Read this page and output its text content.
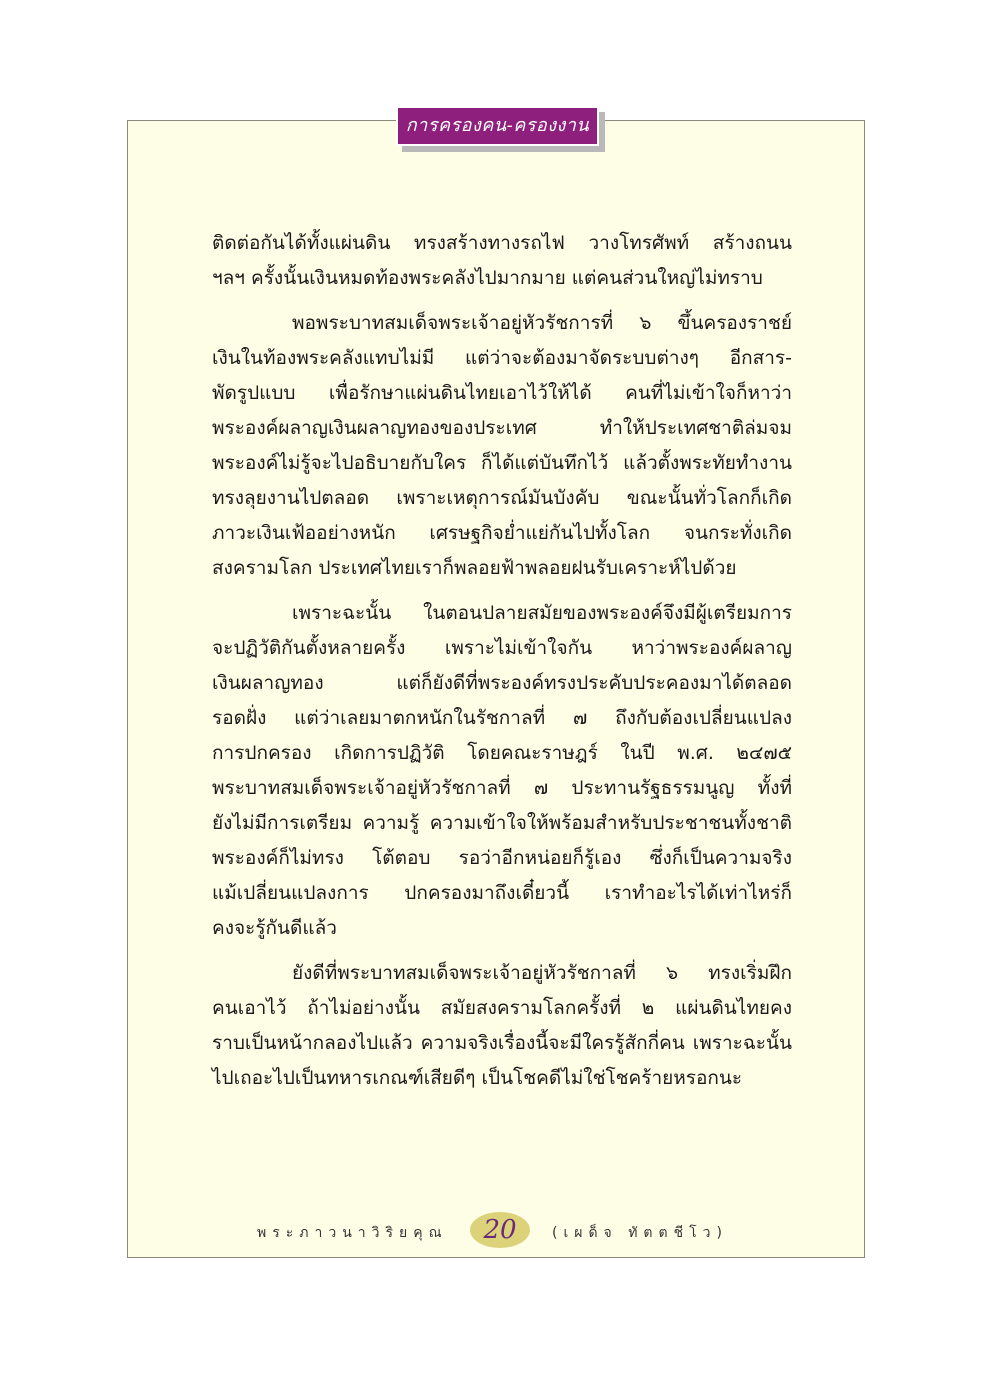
การครองคน-ครองงาน
ติดต่อกันได้ทั้งแผ่นดิน ทรงสร้างทางรถไฟ วางโทรศัพท์ สร้างถนน
ฯลฯ ครั้งนั้นเงินหมดท้องพระคลังไปมากมาย แต่คนส่วนใหญ่ไม่ทราบ
พอพระบาทสมเด็จพระเจ้าอยู่หัวรัชการที่ ๖ ขึ้นครองราชย์
เงินในท้องพระคลังแทบไม่มี แต่ว่าจะต้องมาจัดระบบต่างๆ อีกสาร-
พัดรูปแบบ เพื่อรักษาแผ่นดินไทยเอาไว้ให้ได้ คนที่ไม่เข้าใจก็หาว่า
พระองค์ผลาญเงินผลาญทองของประเทศ ทำให้ประเทศชาติล่มจม
พระองค์ไม่รู้จะไปอธิบายกับใคร ก็ได้แต่บันทึกไว้ แล้วตั้งพระทัยทำงาน
ทรงลุยงานไปตลอด เพราะเหตุการณ์มันบังคับ ขณะนั้นทั่วโลกก็เกิด
ภาวะเงินเฟ้ออย่างหนัก เศรษฐกิจย่ำแย่กันไปทั้งโลก จนกระทั่งเกิด
สงครามโลก ประเทศไทยเราก็พลอยฟ้าพลอยฝนรับเคราะห์ไปด้วย
เพราะฉะนั้น ในตอนปลายสมัยของพระองค์จึงมีผู้เตรียมการ
จะปฏิวัติกันตั้งหลายครั้ง เพราะไม่เข้าใจกัน หาว่าพระองค์ผลาญ
เงินผลาญทอง แต่ก็ยังดีที่พระองค์ทรงประคับประคองมาได้ตลอด
รอดฝั่ง แต่ว่าเลยมาตกหนักในรัชกาลที่ ๗ ถึงกับต้องเปลี่ยนแปลง
การปกครอง เกิดการปฏิวัติ โดยคณะราษฎร์ ในปี พ.ศ. ๒๔๗๕
พระบาทสมเด็จพระเจ้าอยู่หัวรัชกาลที่ ๗ ประทานรัฐธรรมนูญ ทั้งที่
ยังไม่มีการเตรียม ความรู้ ความเข้าใจให้พร้อมสำหรับประชาชนทั้งชาติ
พระองค์ก็ไม่ทรง โต้ตอบ รอว่าอีกหน่อยก็รู้เอง ซึ่งก็เป็นความจริง
แม้เปลี่ยนแปลงการ ปกครองมาถึงเดี๋ยวนี้ เราทำอะไรได้เท่าไหร่ก็
คงจะรู้กันดีแล้ว
ยังดีที่พระบาทสมเด็จพระเจ้าอยู่หัวรัชกาลที่ ๖ ทรงเริ่มฝึก
คนเอาไว้ ถ้าไม่อย่างนั้น สมัยสงครามโลกครั้งที่ ๒ แผ่นดินไทยคง
ราบเป็นหน้ากลองไปแล้ว ความจริงเรื่องนี้จะมีใครรู้สักกี่คน เพราะฉะนั้น
ไปเถอะไปเป็นทหารเกณฑ์เสียดีๆ เป็นโชคดีไม่ใช่โชคร้ายหรอกนะ
พระภาวนาวิริยคุณ	20	(เผด็จ ทัตตชีโว)
